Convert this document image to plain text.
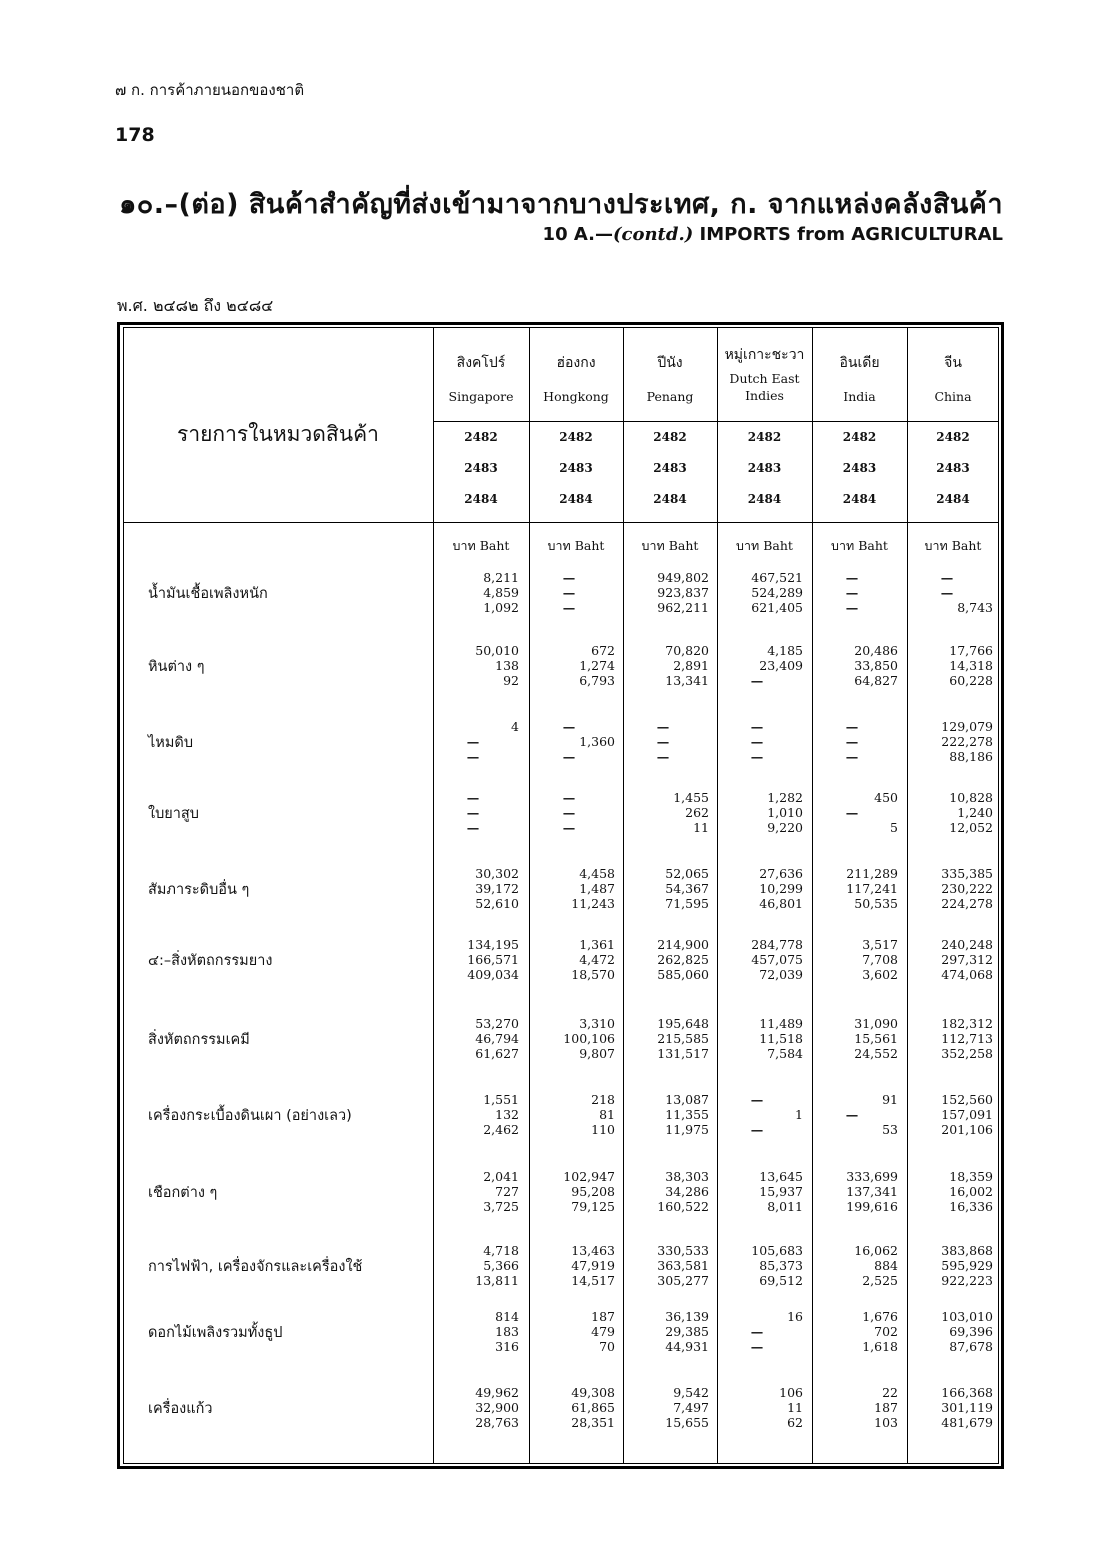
๗ ก. การค้าภายนอกของชาติ
178
๑๐.–(ต่อ) สินค้าสำคัญที่ส่งเข้ามาจากบางประเทศ, ก. จากแหล่งคลังสินค้า
10 A.—(contd.) IMPORTS from AGRICULTURAL
พ.ศ. ๒๔๘๒ ถึง ๒๔๘๔
รายการในหมวดสินค้า
สิงคโปร์
Singapore
2482
2483
2484
บาท Baht
ฮ่องกง
Hongkong
2482
2483
2484
บาท Baht
ปีนัง
Penang
2482
2483
2484
บาท Baht
หมู่เกาะชะวา
Dutch East
Indies
2482
2483
2484
บาท Baht
อินเดีย
India
2482
2483
2484
บาท Baht
จีน
China
2482
2483
2484
บาท Baht
น้ำมันเชื้อเพลิงหนัก
8,211
4,859
1,092
—
—
—
949,802
923,837
962,211
467,521
524,289
621,405
—
—
—
—
—
8,743
หินต่าง ๆ
50,010
138
92
672
1,274
6,793
70,820
2,891
13,341
4,185
23,409
—
20,486
33,850
64,827
17,766
14,318
60,228
ไหมดิบ
4
—
—
—
1,360
—
—
—
—
—
—
—
—
—
—
129,079
222,278
88,186
ใบยาสูบ
—
—
—
—
—
—
1,455
262
11
1,282
1,010
9,220
450
—
5
10,828
1,240
12,052
สัมภาระดิบอื่น ๆ
30,302
39,172
52,610
4,458
1,487
11,243
52,065
54,367
71,595
27,636
10,299
46,801
211,289
117,241
50,535
335,385
230,222
224,278
๔:–สิ่งหัตถกรรมยาง
134,195
166,571
409,034
1,361
4,472
18,570
214,900
262,825
585,060
284,778
457,075
72,039
3,517
7,708
3,602
240,248
297,312
474,068
สิ่งหัตถกรรมเคมี
53,270
46,794
61,627
3,310
100,106
9,807
195,648
215,585
131,517
11,489
11,518
7,584
31,090
15,561
24,552
182,312
112,713
352,258
เครื่องกระเบื้องดินเผา (อย่างเลว)
1,551
132
2,462
218
81
110
13,087
11,355
11,975
—
1
—
91
—
53
152,560
157,091
201,106
เชือกต่าง ๆ
2,041
727
3,725
102,947
95,208
79,125
38,303
34,286
160,522
13,645
15,937
8,011
333,699
137,341
199,616
18,359
16,002
16,336
การไฟฟ้า, เครื่องจักรและเครื่องใช้
4,718
5,366
13,811
13,463
47,919
14,517
330,533
363,581
305,277
105,683
85,373
69,512
16,062
884
2,525
383,868
595,929
922,223
ดอกไม้เพลิงรวมทั้งธูป
814
183
316
187
479
70
36,139
29,385
44,931
16
—
—
1,676
702
1,618
103,010
69,396
87,678
เครื่องแก้ว
49,962
32,900
28,763
49,308
61,865
28,351
9,542
7,497
15,655
106
11
62
22
187
103
166,368
301,119
481,679
